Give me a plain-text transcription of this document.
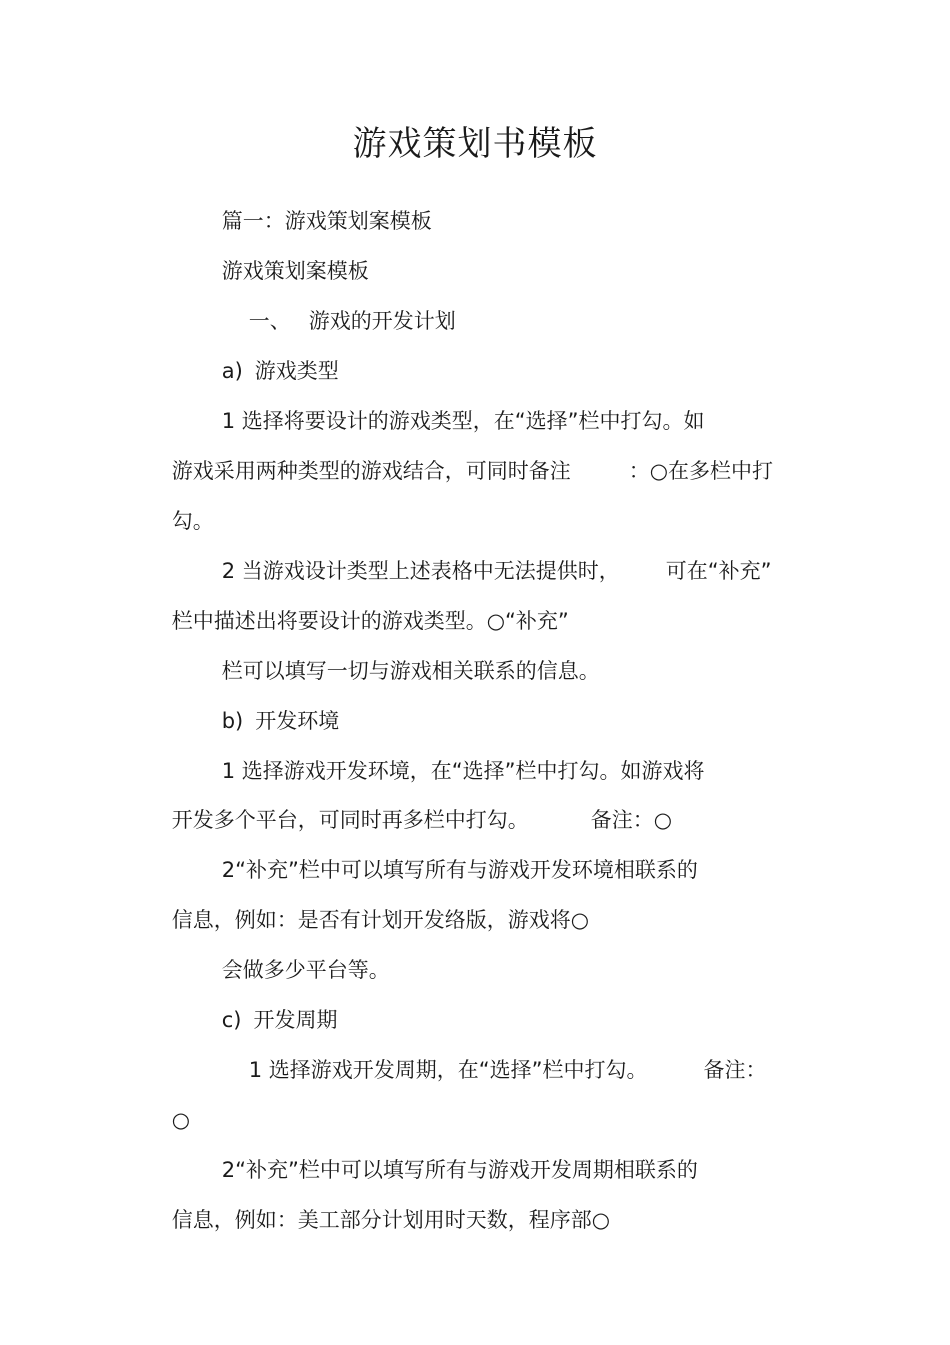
游戏策划书模板

篇一：游戏策划案模板

游戏策划案模板

一、 游戏的开发计划

a) 游戏类型

1 选择将要设计的游戏类型，在“选择”栏中打勾。如

游戏采用两种类型的游戏结合，可同时备注	：○在多栏中打

勾。

2 当游戏设计类型上述表格中无法提供时， 可在“补充”

栏中描述出将要设计的游戏类型。○“补充”

栏可以填写一切与游戏相关联系的信息。

b) 开发环境

1 选择游戏开发环境，在“选择”栏中打勾。如游戏将

开发多个平台，可同时再多栏中打勾。	备注：○

2“补充”栏中可以填写所有与游戏开发环境相联系的

信息，例如：是否有计划开发络版，游戏将○

会做多少平台等。

c) 开发周期

1 选择游戏开发周期，在“选择”栏中打勾。	备注：

○

2“补充”栏中可以填写所有与游戏开发周期相联系的

信息，例如：美工部分计划用时天数，程序部○
